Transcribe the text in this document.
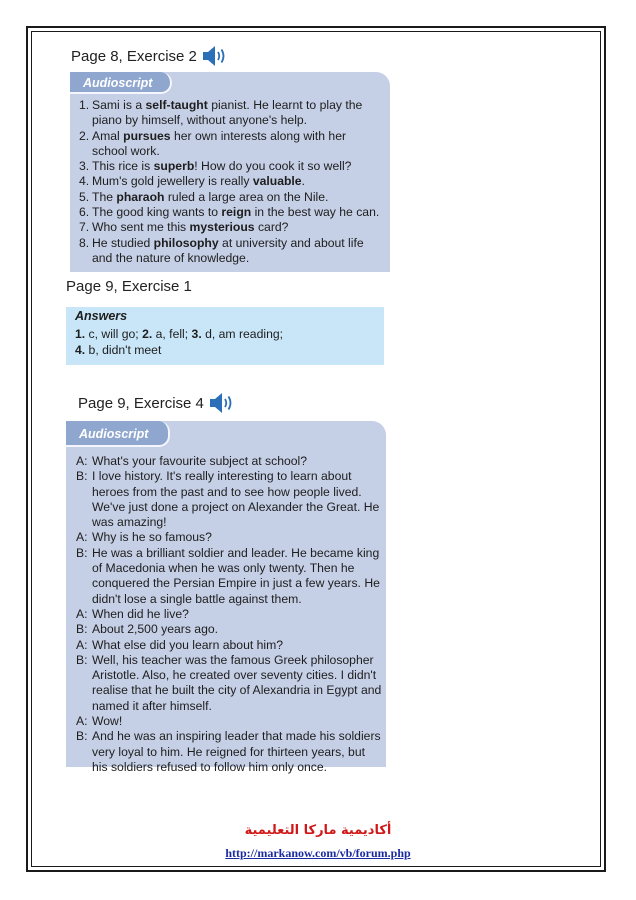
Page 8, Exercise 2
Audioscript
1. Sami is a self-taught pianist. He learnt to play the piano by himself, without anyone's help.
2. Amal pursues her own interests along with her school work.
3. This rice is superb! How do you cook it so well?
4. Mum's gold jewellery is really valuable.
5. The pharaoh ruled a large area on the Nile.
6. The good king wants to reign in the best way he can.
7. Who sent me this mysterious card?
8. He studied philosophy at university and about life and the nature of knowledge.
Page 9, Exercise 1
Answers
1. c, will go; 2. a, fell; 3. d, am reading;
4. b, didn't meet
Page 9, Exercise 4
Audioscript
A: What's your favourite subject at school?
B: I love history. It's really interesting to learn about heroes from the past and to see how people lived. We've just done a project on Alexander the Great. He was amazing!
A: Why is he so famous?
B: He was a brilliant soldier and leader. He became king of Macedonia when he was only twenty. Then he conquered the Persian Empire in just a few years. He didn't lose a single battle against them.
A: When did he live?
B: About 2,500 years ago.
A: What else did you learn about him?
B: Well, his teacher was the famous Greek philosopher Aristotle. Also, he created over seventy cities. I didn't realise that he built the city of Alexandria in Egypt and named it after himself.
A: Wow!
B: And he was an inspiring leader that made his soldiers very loyal to him. He reigned for thirteen years, but his soldiers refused to follow him only once.
أكاديمية ماركا التعليمية
http://markanow.com/vb/forum.php
